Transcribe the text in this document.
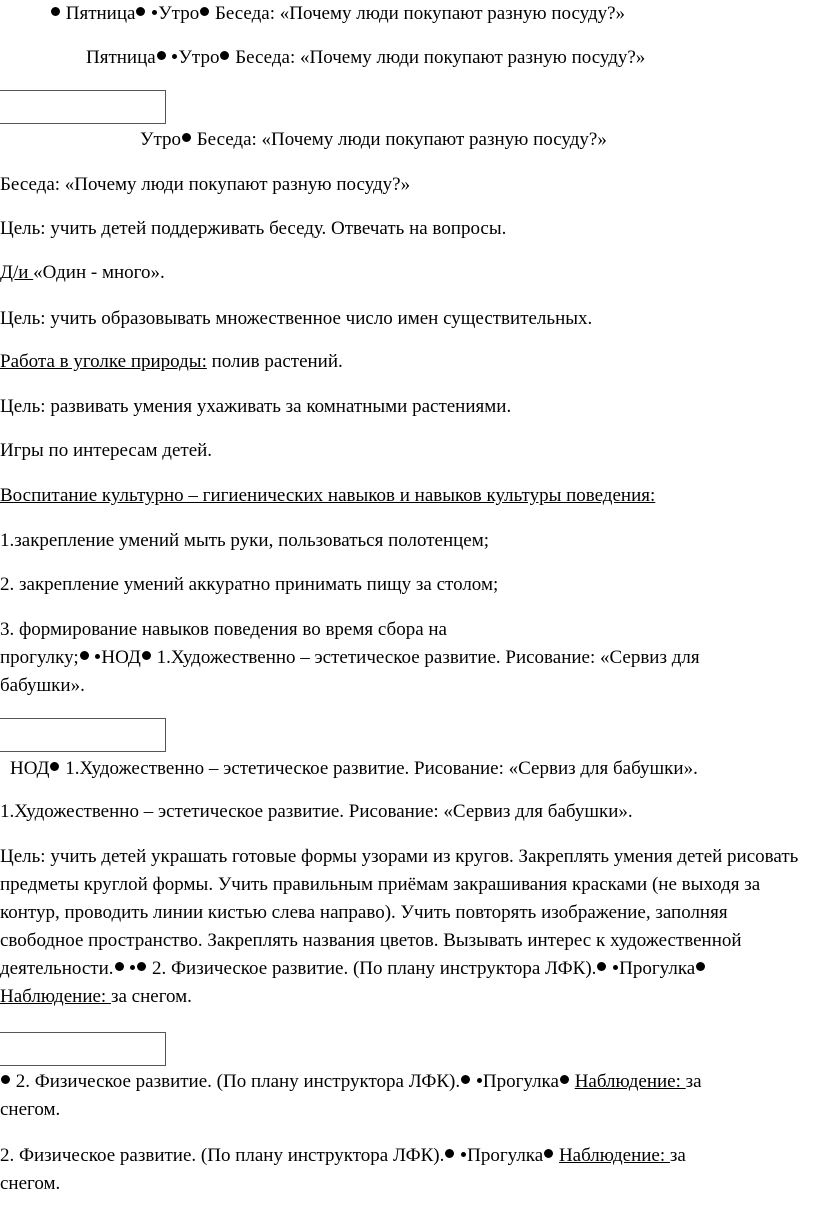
Пятница Утро Беседа: «Почему люди покупают разную посуду?»
Пятница Утро Беседа: «Почему люди покупают разную посуду?»
Утро Беседа: «Почему люди покупают разную посуду?»
Беседа: «Почему люди покупают разную посуду?»
Цель: учить детей поддерживать беседу. Отвечать на вопросы.
Д/и «Один - много».
Цель: учить образовывать множественное число имен существительных.
Работа в уголке природы: полив растений.
Цель: развивать умения ухаживать за комнатными растениями.
Игры по интересам детей.
Воспитание культурно – гигиенических навыков и навыков культуры поведения:
1.закрепление умений мыть руки, пользоваться полотенцем;
2. закрепление умений аккуратно принимать пищу за столом;
3. формирование навыков поведения во время сбора на
прогулку; НОД 1.Художественно – эстетическое развитие. Рисование: «Сервиз для
бабушки».
НОД 1.Художественно – эстетическое развитие. Рисование: «Сервиз для бабушки».
1.Художественно – эстетическое развитие. Рисование: «Сервиз для бабушки».
Цель: учить детей украшать готовые формы узорами из кругов. Закреплять умения детей рисовать предметы круглой формы. Учить правильным приёмам закрашивания красками (не выходя за контур, проводить линии кистью слева направо). Учить повторять изображение, заполняя свободное пространство. Закреплять названия цветов. Вызывать интерес к художественной деятельности.  2. Физическое развитие. (По плану инструктора ЛФК). Прогулка Наблюдение: за снегом.
2. Физическое развитие. (По плану инструктора ЛФК). Прогулка Наблюдение: за
снегом.
2. Физическое развитие. (По плану инструктора ЛФК). Прогулка Наблюдение: за
снегом.
